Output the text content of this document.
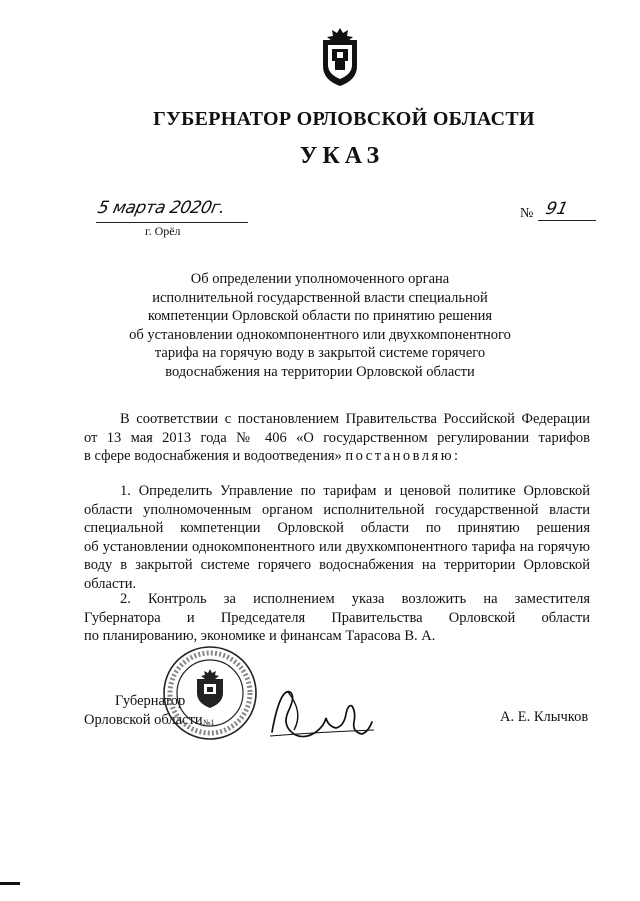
ГУБЕРНАТОР ОРЛОВСКОЙ ОБЛАСТИ
УКАЗ
5 марта 2020г.
г. Орёл
№ 91
Об определении уполномоченного органа
исполнительной государственной власти специальной
компетенции Орловской области по принятию решения
об установлении однокомпонентного или двухкомпонентного
тарифа на горячую воду в закрытой системе горячего
водоснабжения на территории Орловской области
В соответствии с постановлением Правительства Российской Федерации
от 13 мая 2013 года № 406 «О государственном регулировании тарифов
в сфере водоснабжения и водоотведения» постановляю:
1. Определить Управление по тарифам и ценовой политике Орловской
области уполномоченным органом исполнительной государственной власти
специальной компетенции Орловской области по принятию решения
об установлении однокомпонентного или двухкомпонентного тарифа на горячую
воду в закрытой системе горячего водоснабжения на территории Орловской
области.
2. Контроль за исполнением указа возложить на заместителя
Губернатора и Председателя Правительства Орловской области
по планированию, экономике и финансам Тарасова В. А.
Губернатор
Орловской области	А. Е. Клычков
№1
